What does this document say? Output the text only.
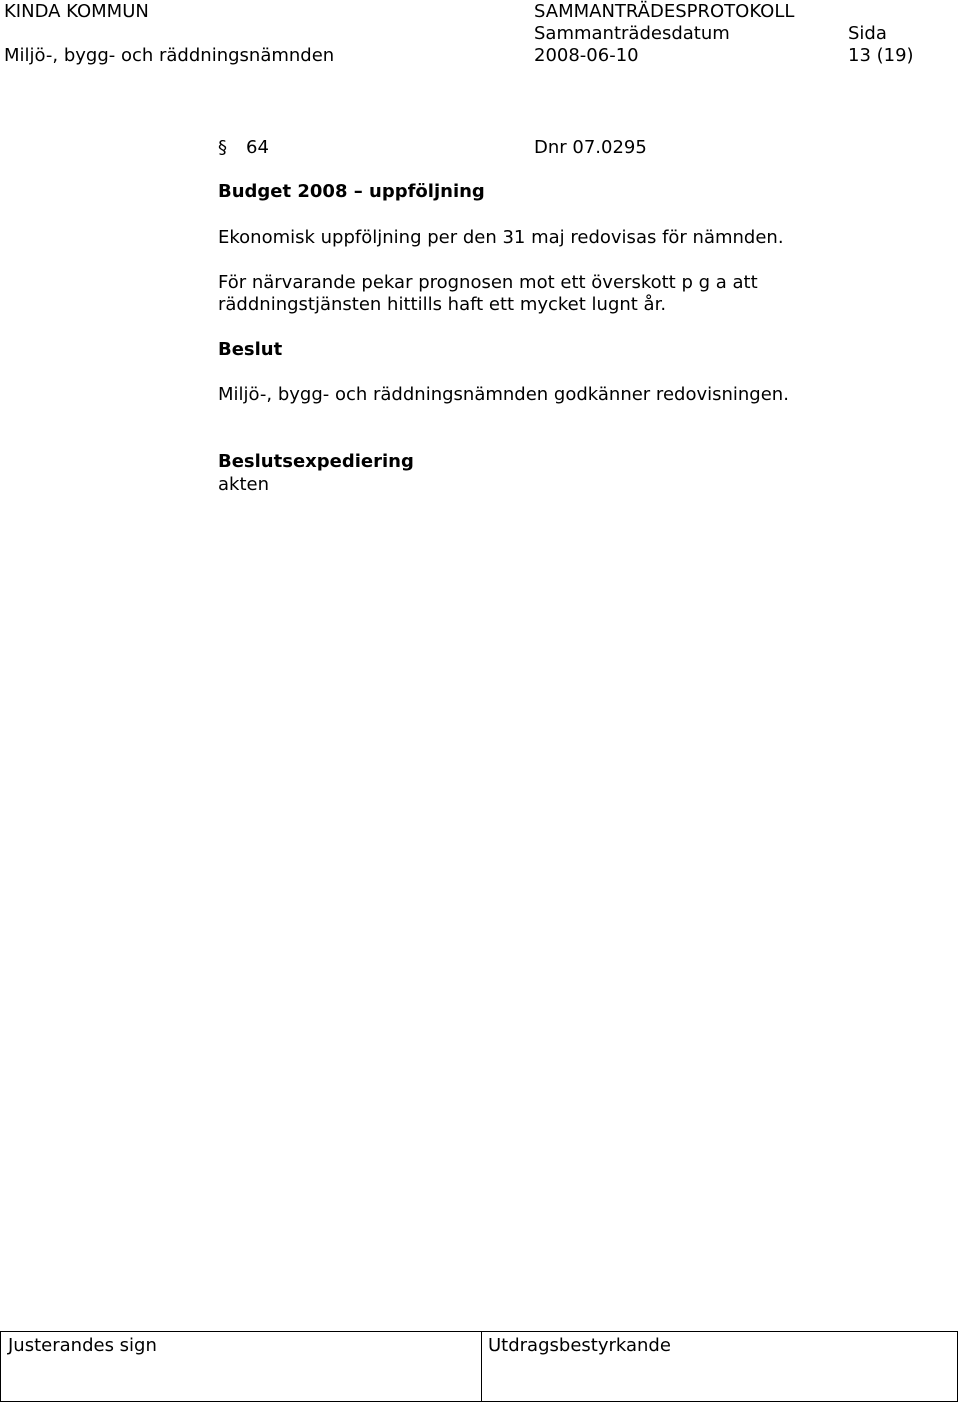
KINDA KOMMUN
Miljö-, bygg- och räddningsnämnden
SAMMANTRÄDESPROTOKOLL
Sammanträdesdatum
2008-06-10
Sida
13 (19)
§ 64	Dnr 07.0295
Budget 2008 – uppföljning
Ekonomisk uppföljning per den 31 maj redovisas för nämnden.
För närvarande pekar prognosen mot ett överskott p g a att
räddningstjänsten hittills haft ett mycket lugnt år.
Beslut
Miljö-, bygg- och räddningsnämnden godkänner redovisningen.
Beslutsexpediering
akten
Justerandes sign	Utdragsbestyrkande
